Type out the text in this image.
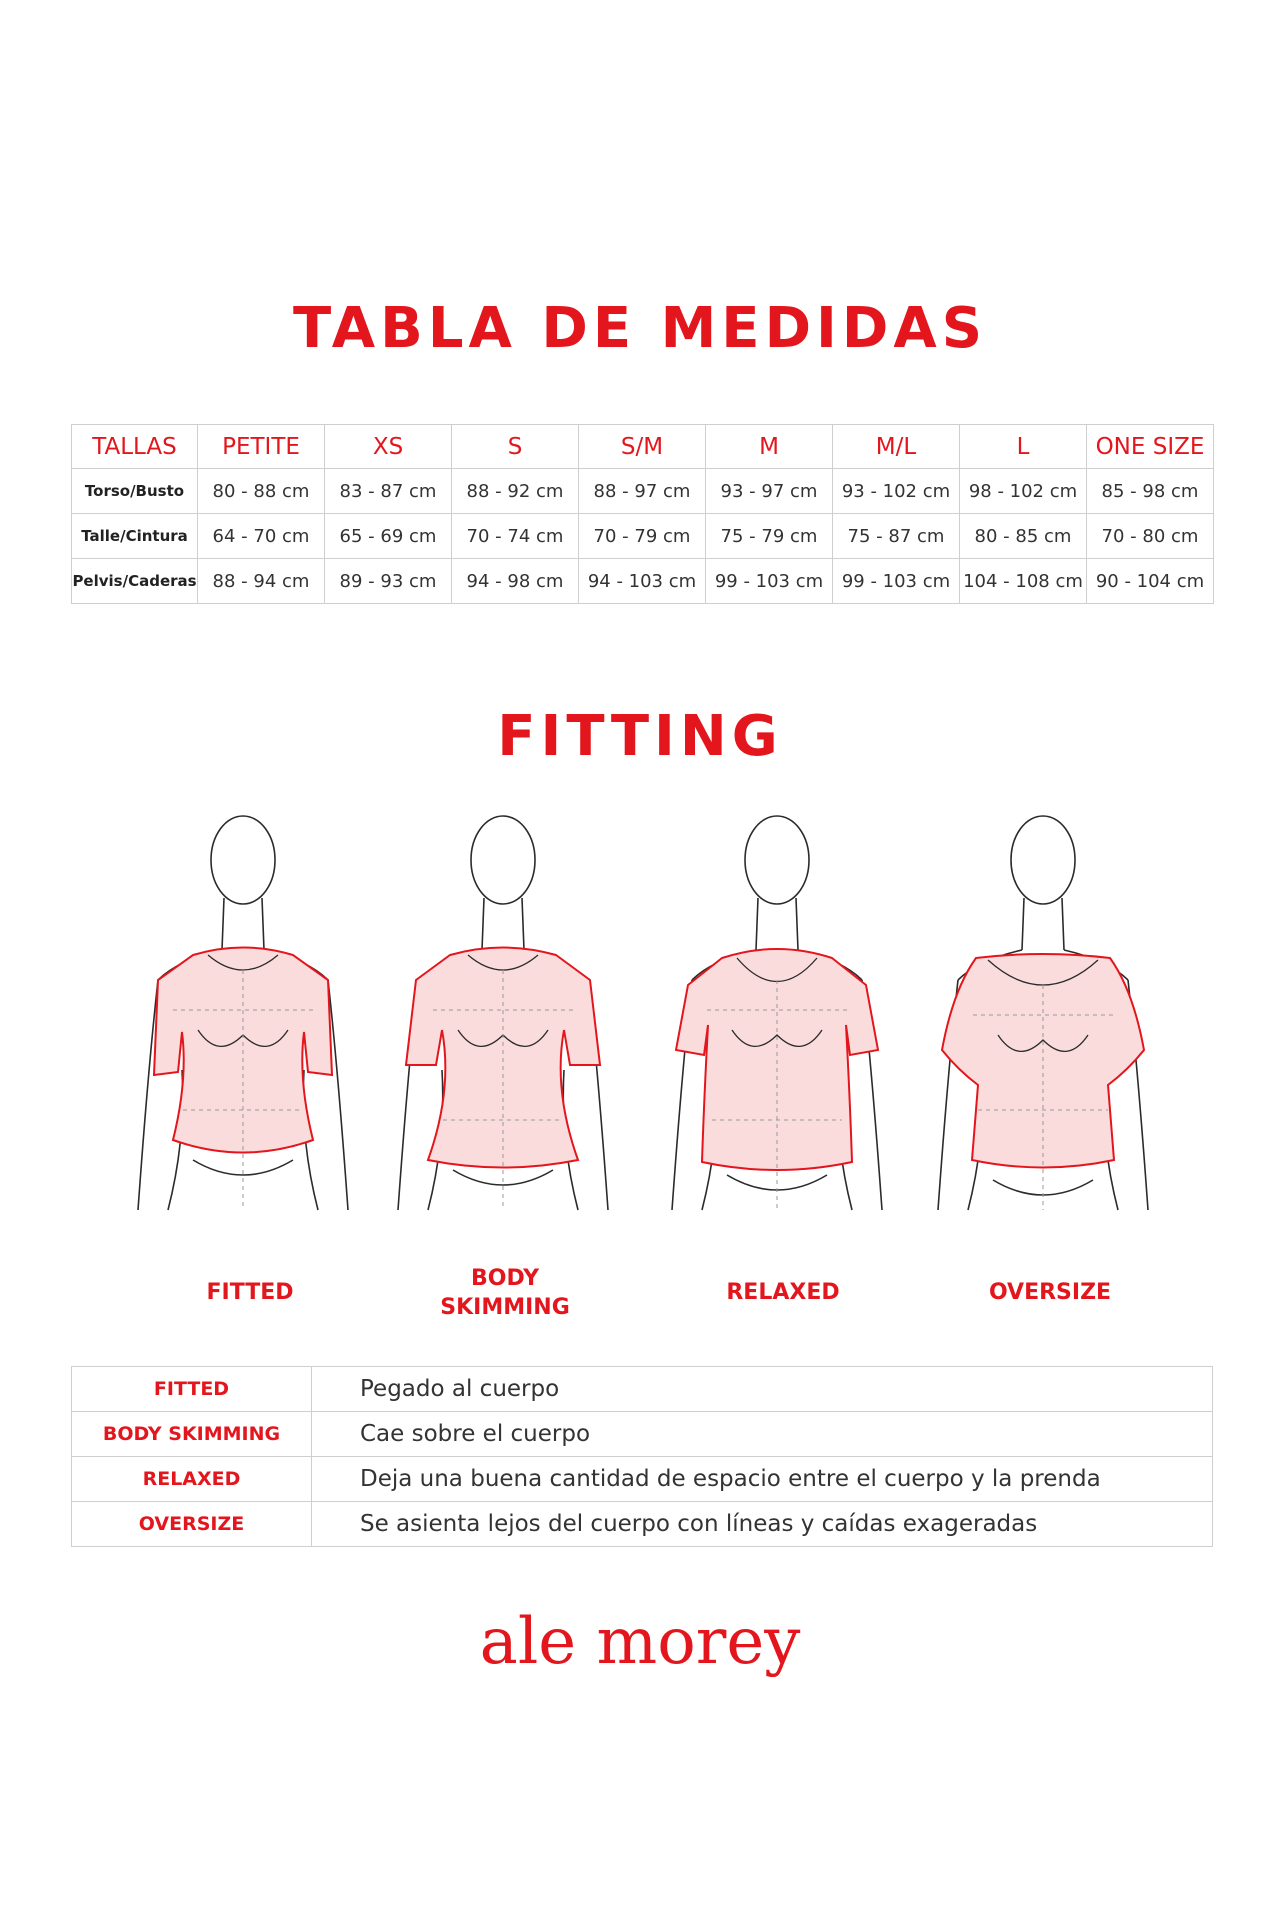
TABLA DE MEDIDAS
TALLAS	PETITE	XS	S	S/M	M	M/L	L	ONE SIZE
Torso/Busto	80 - 88 cm	83 - 87 cm	88 - 92 cm	88 - 97 cm	93 - 97 cm	93 - 102 cm	98 - 102 cm	85 - 98 cm
Talle/Cintura	64 - 70 cm	65 - 69 cm	70 - 74 cm	70 - 79 cm	75 - 79 cm	75 - 87 cm	80 - 85 cm	70 - 80 cm
Pelvis/Caderas	88 - 94 cm	89 - 93 cm	94 - 98 cm	94 - 103 cm	99 - 103 cm	99 - 103 cm	104 - 108 cm	90 - 104 cm
FITTING
FITTED
BODY
SKIMMING
RELAXED	OVERSIZE
FITTED	Pegado al cuerpo
BODY SKIMMING	Cae sobre el cuerpo
RELAXED	Deja una buena cantidad de espacio entre el cuerpo y la prenda
OVERSIZE	Se asienta lejos del cuerpo con líneas y caídas exageradas
ale morey
